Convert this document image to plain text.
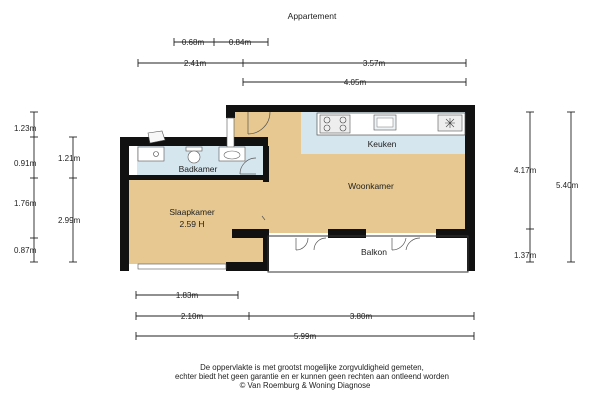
Appartement
Keuken
Woonkamer
Badkamer
Slaapkamer
2.59 H
Balkon
0.68m	0.84m
2.41m	3.57m
4.05m
1.23m
0.91m
1.21m
1.76m
2.99m
0.87m
4.17m
5.40m
1.37m
1.83m
2.10m	3.80m
5.99m
De oppervlakte is met grootst mogelijke zorgvuldigheid gemeten,
echter biedt het geen garantie en er kunnen geen rechten aan ontleend worden
© Van Roemburg & Woning Diagnose
